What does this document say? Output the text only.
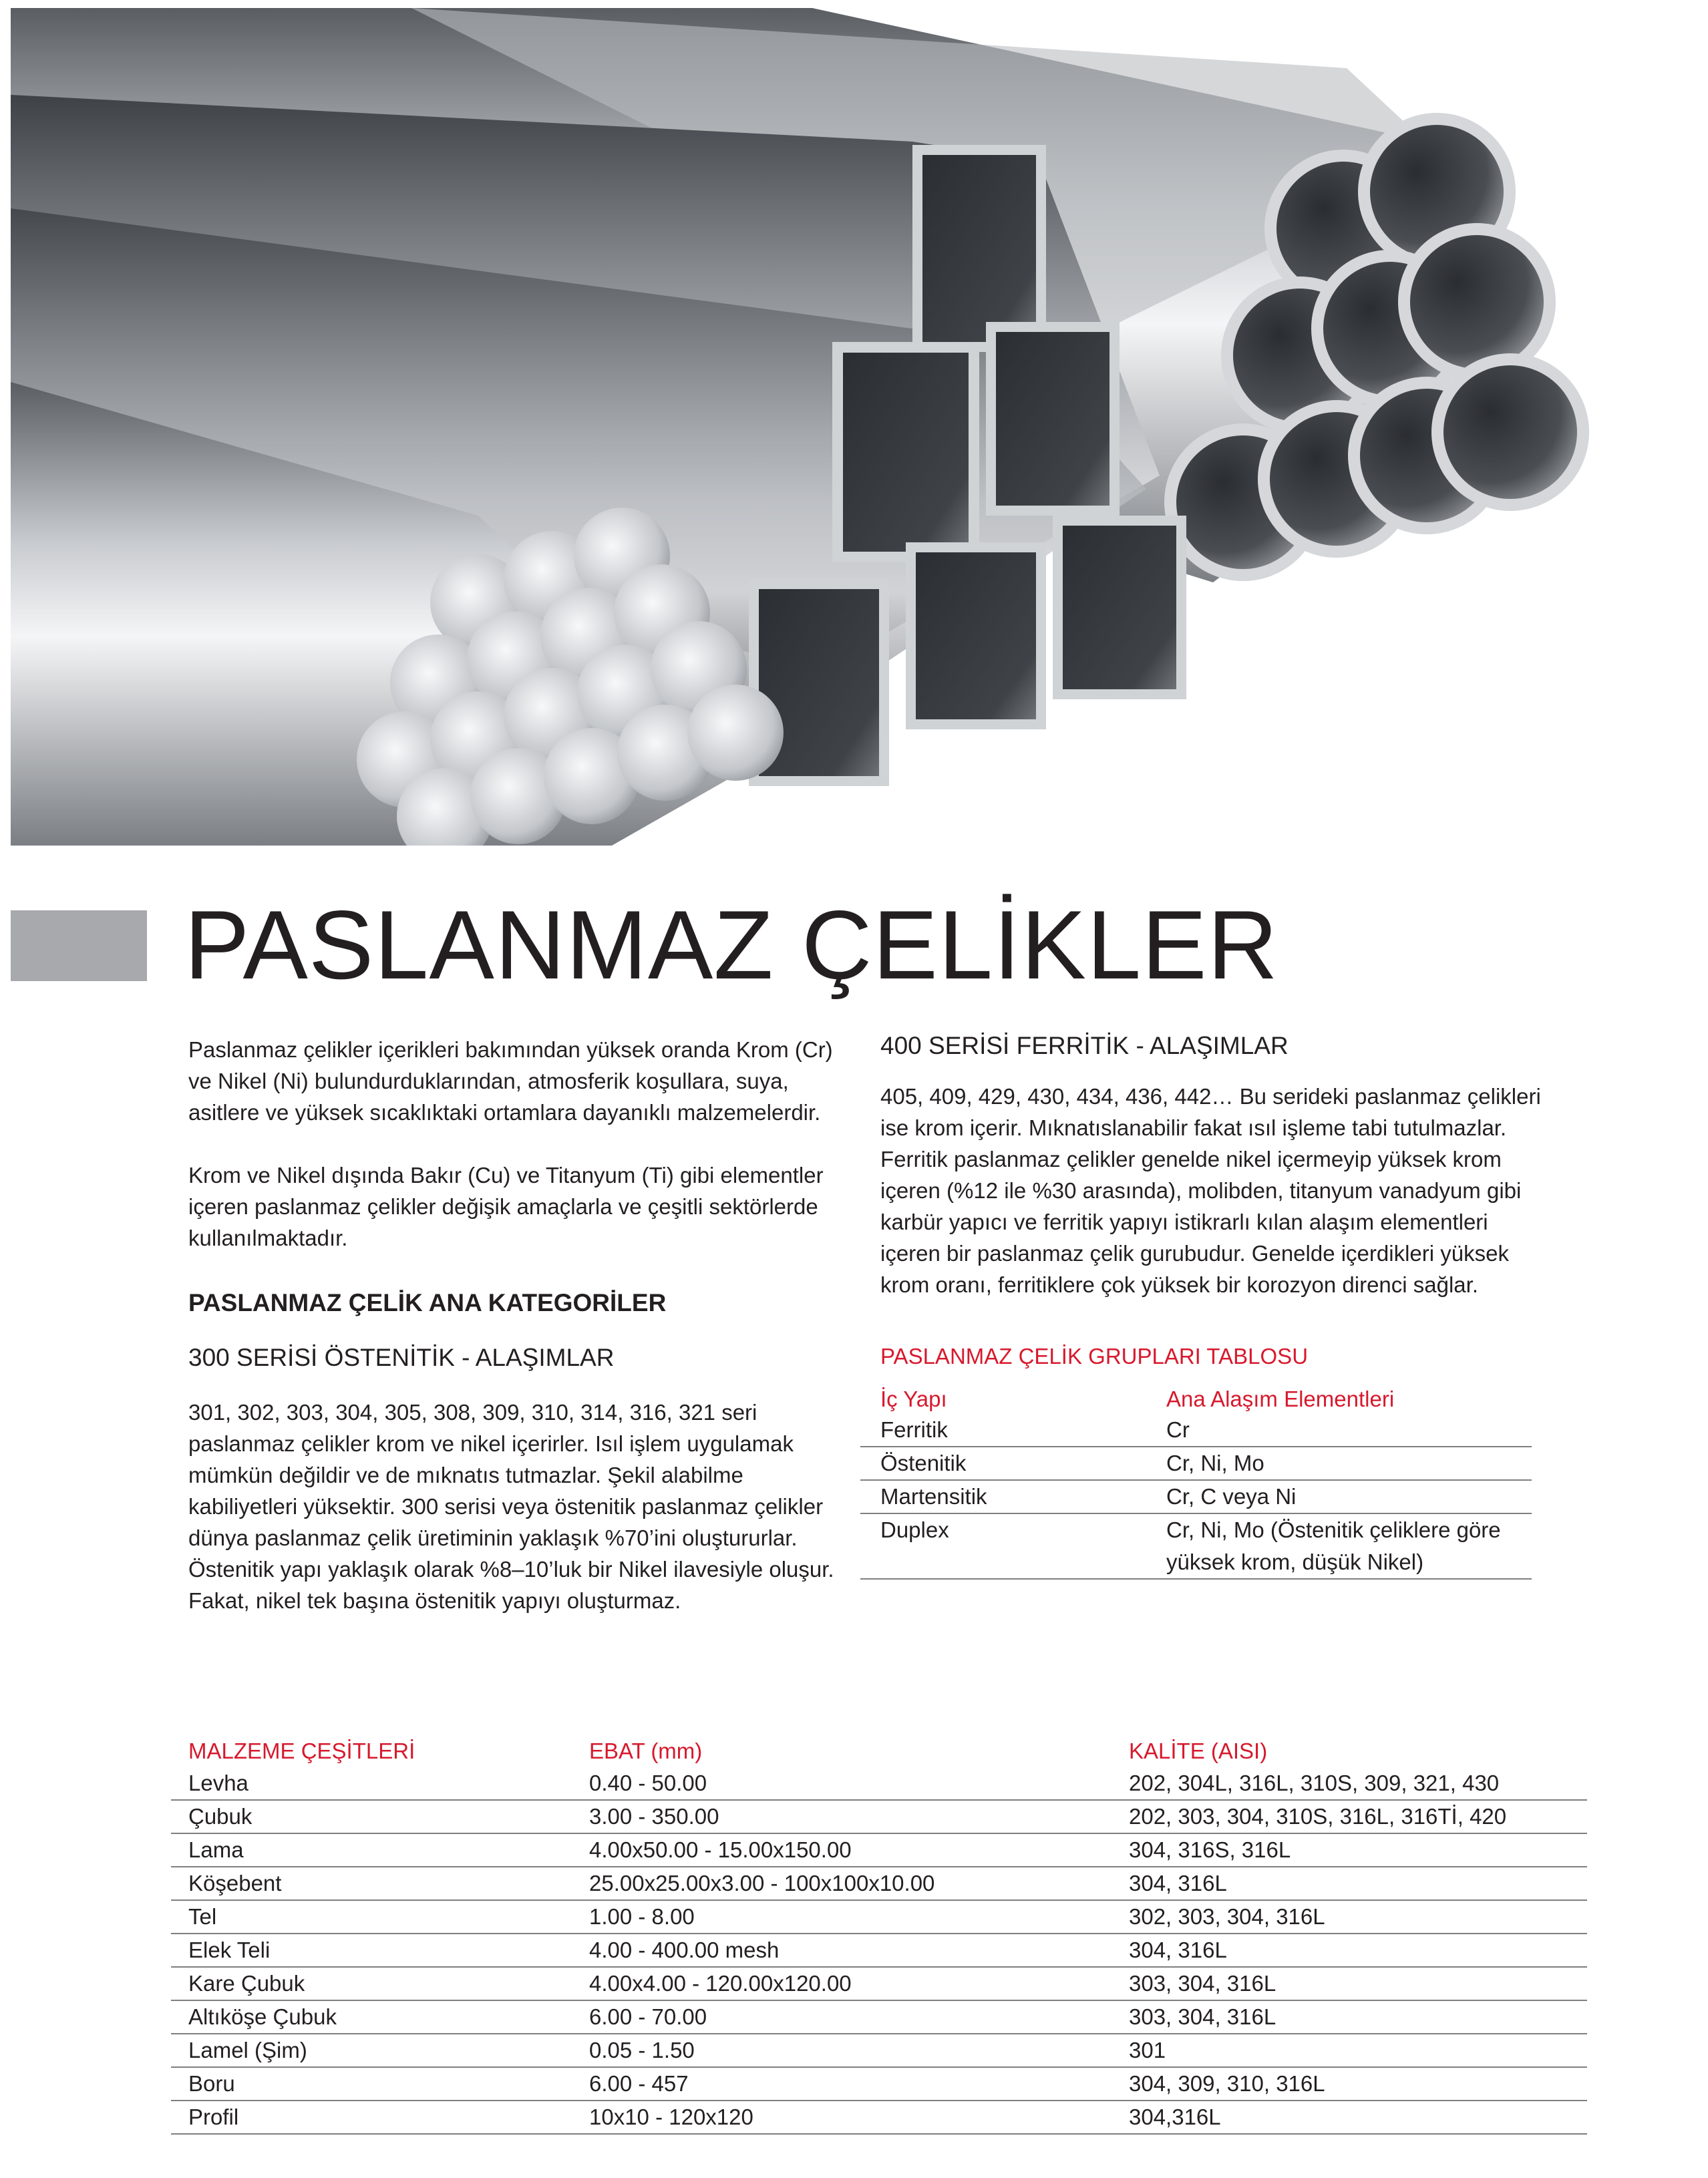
PASLANMAZ ÇELİKLER

Paslanmaz çelikler içerikleri bakımından yüksek oranda Krom (Cr) ve Nikel (Ni) bulundurduklarından, atmosferik koşullara, suya, asitlere ve yüksek sıcaklıktaki ortamlara dayanıklı malzemelerdir.

Krom ve Nikel dışında Bakır (Cu) ve Titanyum (Ti) gibi elementler içeren paslanmaz çelikler değişik amaçlarla ve çeşitli sektörlerde kullanılmaktadır.

PASLANMAZ ÇELİK ANA KATEGORİLER
300 SERİSİ ÖSTENİTİK - ALAŞIMLAR

301, 302, 303, 304, 305, 308, 309, 310, 314, 316, 321 seri paslanmaz çelikler krom ve nikel içerirler. Isıl işlem uygulamak mümkün değildir ve de mıknatıs tutmazlar. Şekil alabilme kabiliyetleri yüksektir. 300 serisi veya östenitik paslanmaz çelikler dünya paslanmaz çelik üretiminin yaklaşık %70’ini oluştururlar. Östenitik yapı yaklaşık olarak %8–10’luk bir Nikel ilavesiyle oluşur. Fakat, nikel tek başına östenitik yapıyı oluşturmaz.

400 SERİSİ FERRİTİK - ALAŞIMLAR

405, 409, 429, 430, 434, 436, 442… Bu serideki paslanmaz çelikleri ise krom içerir. Mıknatıslanabilir fakat ısıl işleme tabi tutulmazlar. Ferritik paslanmaz çelikler genelde nikel içermeyip yüksek krom içeren (%12 ile %30 arasında), molibden, titanyum vanadyum gibi karbür yapıcı ve ferritik yapıyı istikrarlı kılan alaşım elementleri içeren bir paslanmaz çelik gurubudur. Genelde içerdikleri yüksek krom oranı, ferritiklere çok yüksek bir korozyon direnci sağlar.

PASLANMAZ ÇELİK GRUPLARI TABLOSU
İç Yapı	Ana Alaşım Elementleri
Ferritik	Cr
Östenitik	Cr, Ni, Mo
Martensitik	Cr, C veya Ni
Duplex	Cr, Ni, Mo (Östenitik çeliklere göre yüksek krom, düşük Nikel)
MALZEME ÇEŞİTLERİ	EBAT (mm)	KALİTE (AISI)
Levha	0.40 - 50.00	202, 304L, 316L, 310S, 309, 321, 430
Çubuk	3.00 - 350.00	202, 303, 304, 310S, 316L, 316Tİ, 420
Lama	4.00x50.00 - 15.00x150.00	304, 316S, 316L
Köşebent	25.00x25.00x3.00 - 100x100x10.00	304, 316L
Tel	1.00 - 8.00	302, 303, 304, 316L
Elek Teli	4.00 - 400.00 mesh	304, 316L
Kare Çubuk	4.00x4.00 - 120.00x120.00	303, 304, 316L
Altıköşe Çubuk	6.00 - 70.00	303, 304, 316L
Lamel (Şim)	0.05 - 1.50	301
Boru	6.00 - 457	304, 309, 310, 316L
Profil	10x10 - 120x120	304,316L
